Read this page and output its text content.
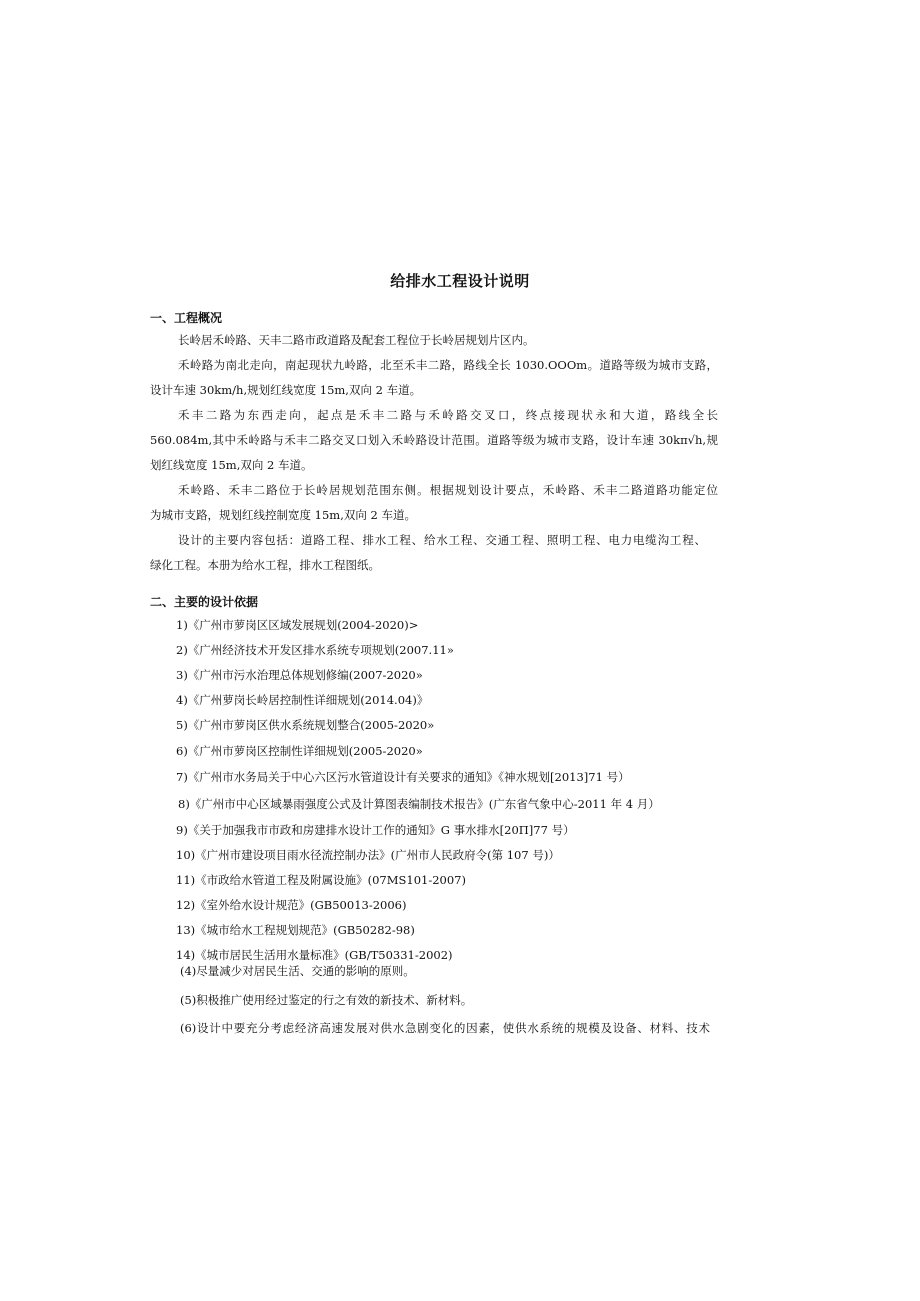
给排水工程设计说明
一、工程概况
长岭居禾岭路、天丰二路市政道路及配套工程位于长岭居规划片区内。
禾岭路为南北走向，南起现状九岭路，北至禾丰二路，路线全长 1030.OOOm。道路等级为城市支路，
设计车速 30km/h,规划红线宽度 15m,双向 2 车道。
禾丰二路为东西走向，起点是禾丰二路与禾岭路交叉口，终点接现状永和大道，路线全长
560.084m,其中禾岭路与禾丰二路交叉口划入禾岭路设计范围。道路等级为城市支路，设计车速 30kπ√h,规
划红线宽度 15m,双向 2 车道。
禾岭路、禾丰二路位于长岭居规划范围东侧。根据规划设计要点，禾岭路、禾丰二路道路功能定位
为城市支路，规划红线控制宽度 15m,双向 2 车道。
设计的主要内容包括：道路工程、排水工程、给水工程、交通工程、照明工程、电力电缆沟工程、
绿化工程。本册为给水工程，排水工程图纸。
二、主要的设计依据
1)《广州市萝岗区区域发展规划(2004-2020)>
2)《广州经济技术开发区排水系统专项规划(2007.11»
3)《广州市污水治理总体规划修编(2007-2020»
4)《广州萝岗长岭居控制性详细规划(2014.04)》
5)《广州市萝岗区供水系统规划整合(2005-2020»
6)《广州市萝岗区控制性详细规划(2005-2020»
7)《广州市水务局关于中心六区污水管道设计有关要求的通知》《神水规划[2013]71 号）
8)《广州市中心区域暴雨强度公式及计算图表编制技术报告》(广东省气象中心-2011 年 4 月）
9)《关于加强我市市政和房建排水设计工作的通知》G 事水排水[20Π]77 号）
10)《广州市建设项目雨水径流控制办法》(广州市人民政府令(第 107 号)）
11)《市政给水管道工程及附属设施》(07MS101-2007)
12)《室外给水设计规范》(GB50013-2006)
13)《城市给水工程规划规范》(GB50282-98)
14)《城市居民生活用水量标准》(GB/T50331-2002)
(4)尽量减少对居民生活、交通的影响的原则。
(5)积极推广使用经过鉴定的行之有效的新技术、新材料。
(6)设计中要充分考虑经济高速发展对供水急剧变化的因素，使供水系统的规模及设备、材料、技术
